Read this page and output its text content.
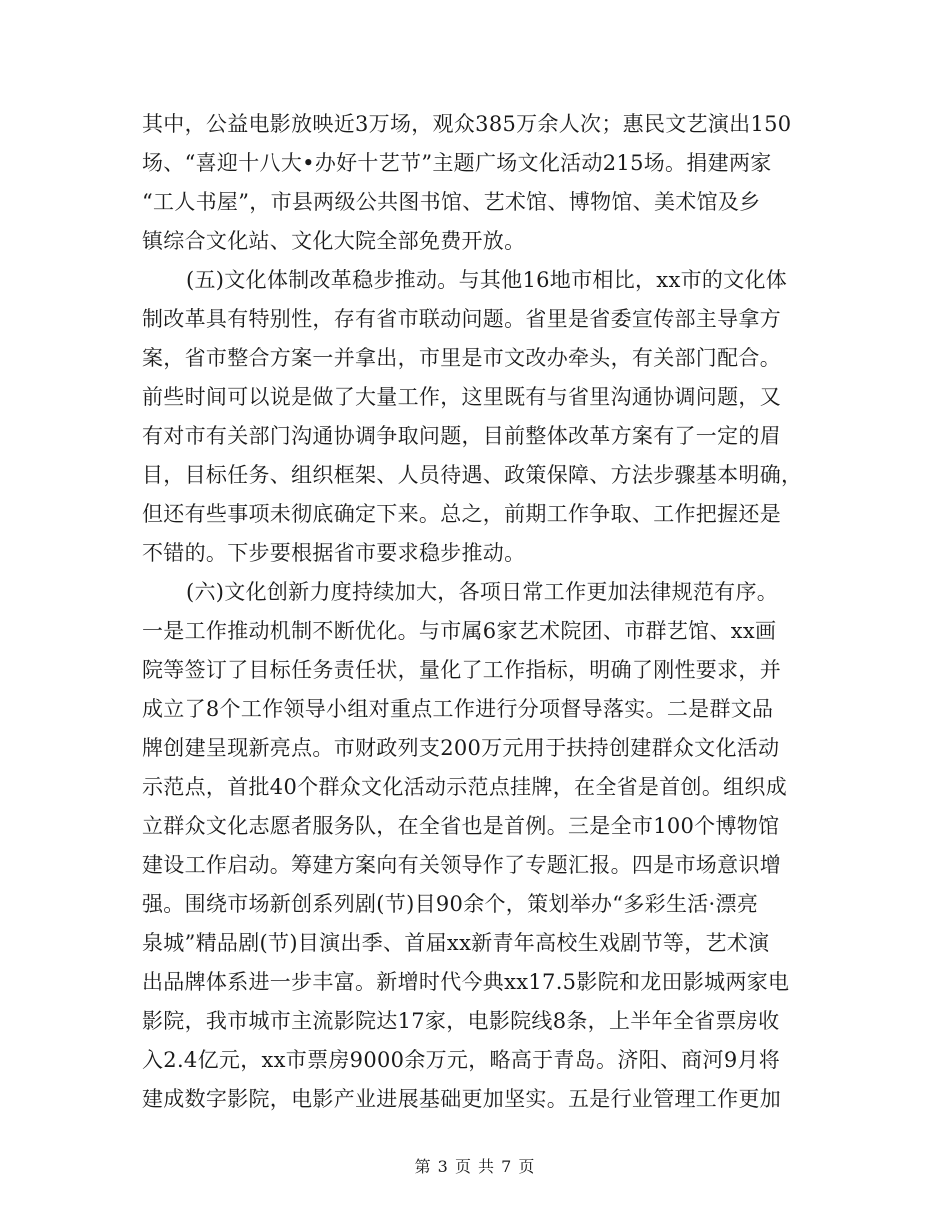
其中，公益电影放映近3万场，观众385万余人次；惠民文艺演出150
场、“喜迎十八大•办好十艺节”主题广场文化活动215场。捐建两家
“工人书屋”，市县两级公共图书馆、艺术馆、博物馆、美术馆及乡
镇综合文化站、文化大院全部免费开放。
(五)文化体制改革稳步推动。与其他16地市相比，xx市的文化体
制改革具有特别性，存有省市联动问题。省里是省委宣传部主导拿方
案，省市整合方案一并拿出，市里是市文改办牵头，有关部门配合。
前些时间可以说是做了大量工作，这里既有与省里沟通协调问题，又
有对市有关部门沟通协调争取问题，目前整体改革方案有了一定的眉
目，目标任务、组织框架、人员待遇、政策保障、方法步骤基本明确，
但还有些事项未彻底确定下来。总之，前期工作争取、工作把握还是
不错的。下步要根据省市要求稳步推动。
(六)文化创新力度持续加大，各项日常工作更加法律规范有序。
一是工作推动机制不断优化。与市属6家艺术院团、市群艺馆、xx画
院等签订了目标任务责任状，量化了工作指标，明确了刚性要求，并
成立了8个工作领导小组对重点工作进行分项督导落实。二是群文品
牌创建呈现新亮点。市财政列支200万元用于扶持创建群众文化活动
示范点，首批40个群众文化活动示范点挂牌，在全省是首创。组织成
立群众文化志愿者服务队，在全省也是首例。三是全市100个博物馆
建设工作启动。筹建方案向有关领导作了专题汇报。四是市场意识增
强。围绕市场新创系列剧(节)目90余个，策划举办“多彩生活·漂亮
泉城”精品剧(节)目演出季、首届xx新青年高校生戏剧节等，艺术演
出品牌体系进一步丰富。新增时代今典xx17.5影院和龙田影城两家电
影院，我市城市主流影院达17家，电影院线8条，上半年全省票房收
入2.4亿元，xx市票房9000余万元，略高于青岛。济阳、商河9月将
建成数字影院，电影产业进展基础更加坚实。五是行业管理工作更加
第 3 页 共 7 页
